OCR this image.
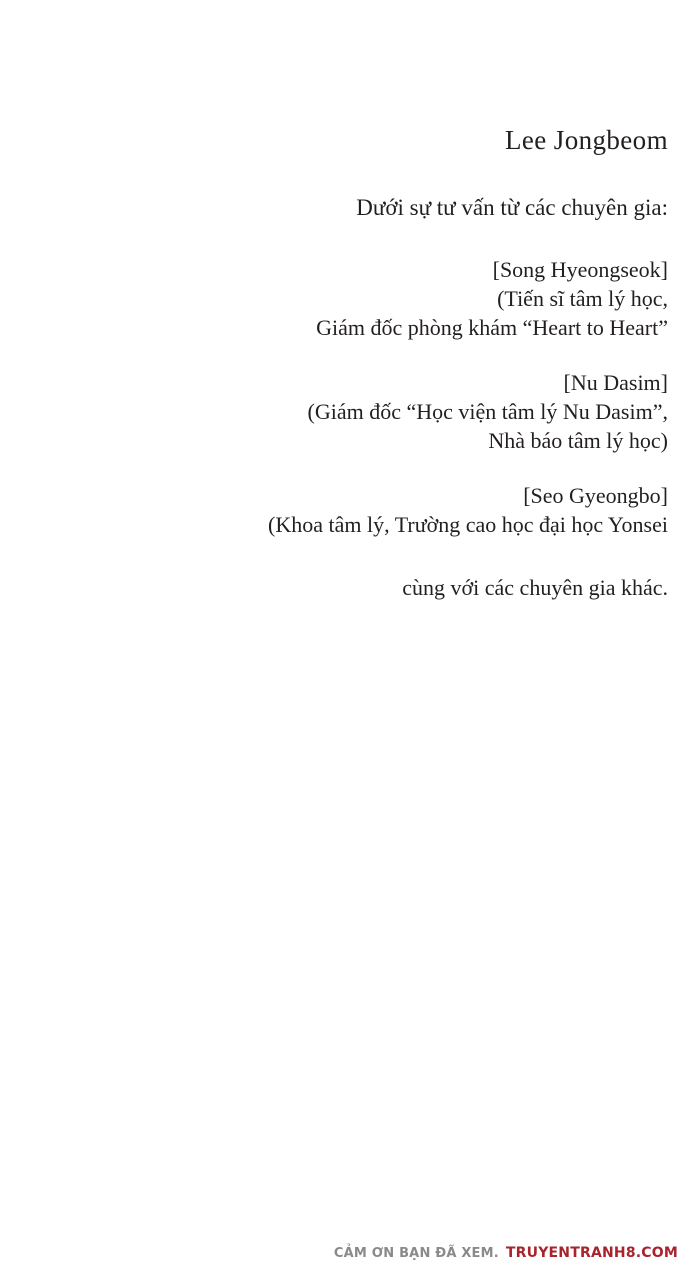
Lee Jongbeom
Dưới sự tư vấn từ các chuyên gia:
[Song Hyeongseok]
(Tiến sĩ tâm lý học,
Giám đốc phòng khám “Heart to Heart”
[Nu Dasim]
(Giám đốc “Học viện tâm lý Nu Dasim”,
Nhà báo tâm lý học)
[Seo Gyeongbo]
(Khoa tâm lý, Trường cao học đại học Yonsei
cùng với các chuyên gia khác.
CẢM ƠN BẠN ĐÃ XEM. TRUYENTRANH8.COM
